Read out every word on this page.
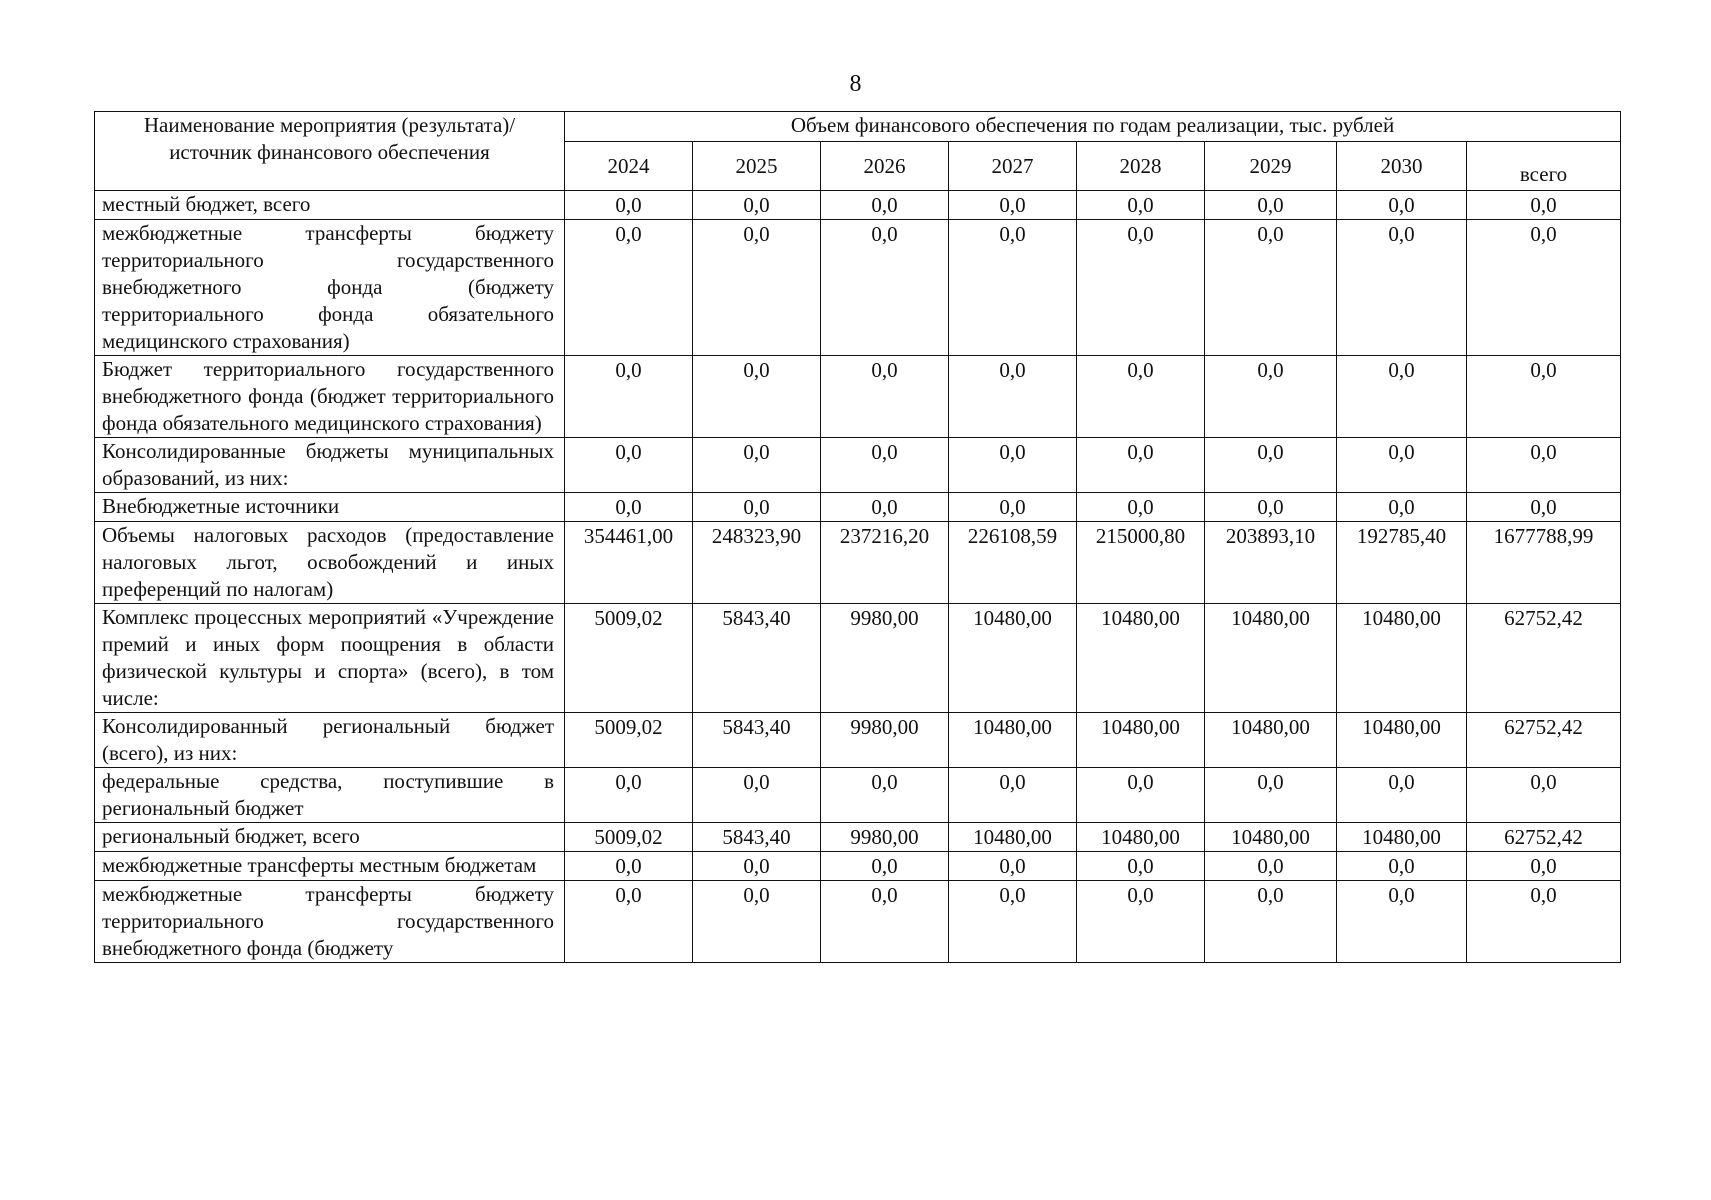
8
Наименование мероприятия (результата)/источник финансового обеспечения	Объем финансового обеспечения по годам реализации, тыс. рублей							
	2024	2025	2026	2027	2028	2029	2030	всего
местный бюджет, всего	0,0	0,0	0,0	0,0	0,0	0,0	0,0	0,0
межбюджетные трансферты бюджету территориального государственного внебюджетного фонда (бюджету территориального фонда обязательного медицинского страхования)	0,0	0,0	0,0	0,0	0,0	0,0	0,0	0,0
Бюджет территориального государственного внебюджетного фонда (бюджет территориального фонда обязательного медицинского страхования)	0,0	0,0	0,0	0,0	0,0	0,0	0,0	0,0
Консолидированные бюджеты муниципальных образований, из них:	0,0	0,0	0,0	0,0	0,0	0,0	0,0	0,0
Внебюджетные источники	0,0	0,0	0,0	0,0	0,0	0,0	0,0	0,0
Объемы налоговых расходов (предоставление налоговых льгот, освобождений и иных преференций по налогам)	354461,00	248323,90	237216,20	226108,59	215000,80	203893,10	192785,40	1677788,99
Комплекс процессных мероприятий «Учреждение премий и иных форм поощрения в области физической культуры и спорта» (всего), в том числе:	5009,02	5843,40	9980,00	10480,00	10480,00	10480,00	10480,00	62752,42
Консолидированный региональный бюджет (всего), из них:	5009,02	5843,40	9980,00	10480,00	10480,00	10480,00	10480,00	62752,42
федеральные средства, поступившие в региональный бюджет	0,0	0,0	0,0	0,0	0,0	0,0	0,0	0,0
региональный бюджет, всего	5009,02	5843,40	9980,00	10480,00	10480,00	10480,00	10480,00	62752,42
межбюджетные трансферты местным бюджетам	0,0	0,0	0,0	0,0	0,0	0,0	0,0	0,0
межбюджетные трансферты бюджету территориального государственного внебюджетного фонда (бюджету	0,0	0,0	0,0	0,0	0,0	0,0	0,0	0,0
